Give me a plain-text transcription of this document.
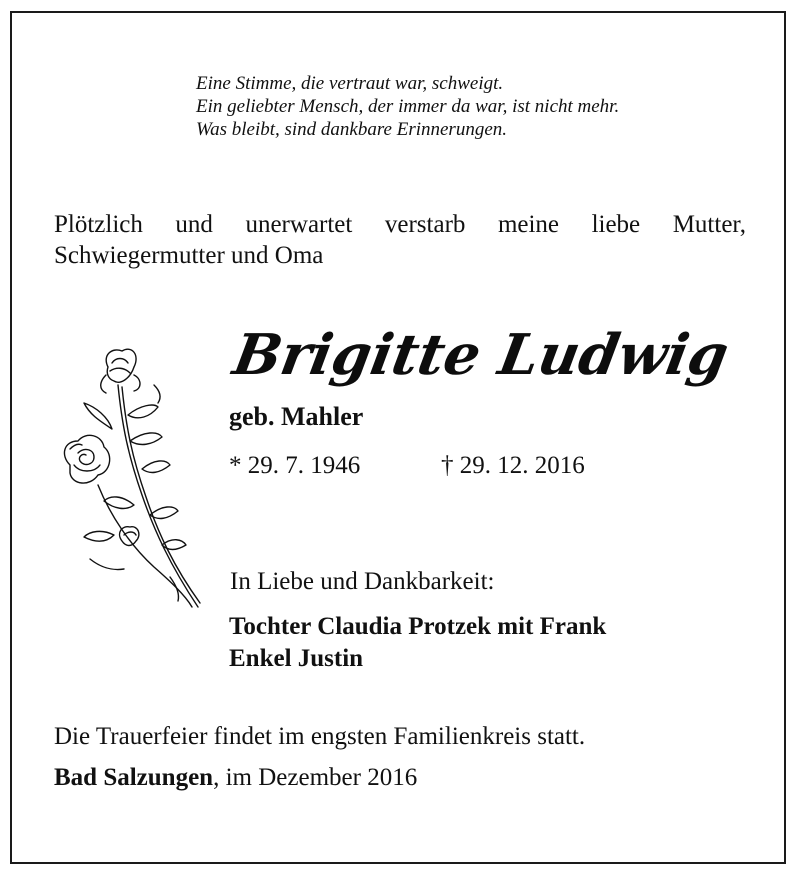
Eine Stimme, die vertraut war, schweigt.
Ein geliebter Mensch, der immer da war, ist nicht mehr.
Was bleibt, sind dankbare Erinnerungen.
Plötzlich und unerwartet verstarb meine liebe Mutter,
Schwiegermutter und Oma
Brigitte Ludwig
geb. Mahler
* 29. 7. 1946	† 29. 12. 2016
In Liebe und Dankbarkeit:
Tochter Claudia Protzek mit Frank
Enkel Justin
Die Trauerfeier findet im engsten Familienkreis statt.
Bad Salzungen, im Dezember 2016
